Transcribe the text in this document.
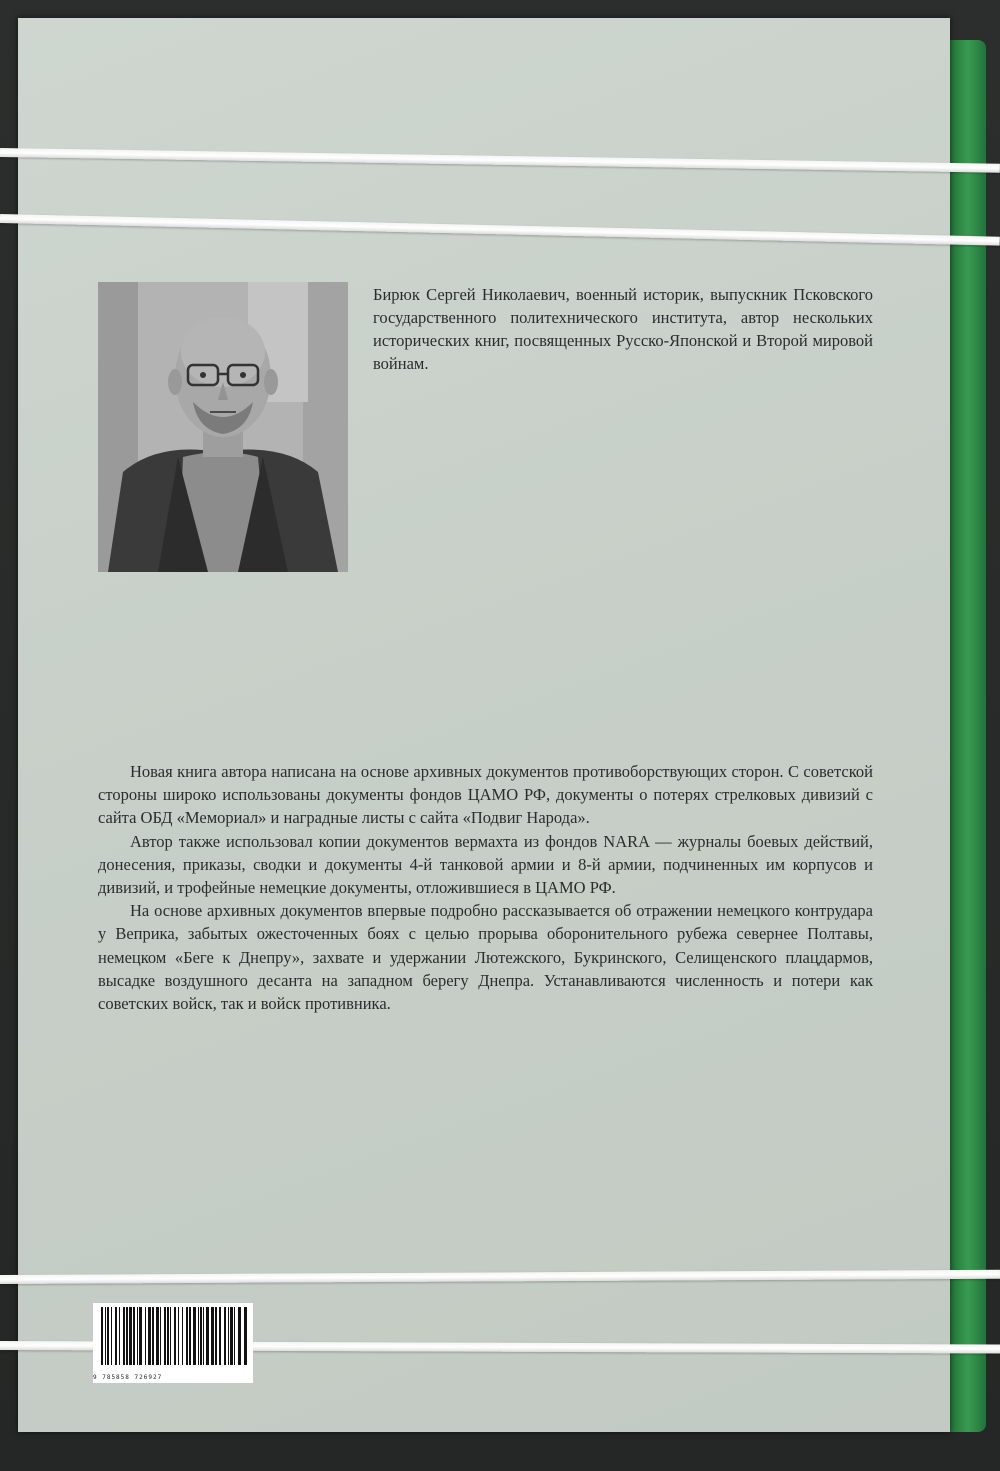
Бирюк Сергей Николаевич, военный историк, выпускник Псковского государственного политехнического института, автор нескольких исторических книг, посвященных Русско-Японской и Второй мировой войнам.

Новая книга автора написана на основе архивных документов противоборствующих сторон. С советской стороны широко использованы документы фондов ЦАМО РФ, документы о потерях стрелковых дивизий с сайта ОБД «Мемориал» и наградные листы с сайта «Подвиг Народа».

Автор также использовал копии документов вермахта из фондов NARA — журналы боевых действий, донесения, приказы, сводки и документы 4-й танковой армии и 8-й армии, подчиненных им корпусов и дивизий, и трофейные немецкие документы, отложившиеся в ЦАМО РФ.

На основе архивных документов впервые подробно рассказывается об отражении немецкого контрудара у Веприка, забытых ожесточенных боях с целью прорыва оборонительного рубежа севернее Полтавы, немецком «Беге к Днепру», захвате и удержании Лютежского, Букринского, Селищенского плацдармов, высадке воздушного десанта на западном берегу Днепра. Устанавливаются численность и потери как советских войск, так и войск противника.

9 785858 726927
